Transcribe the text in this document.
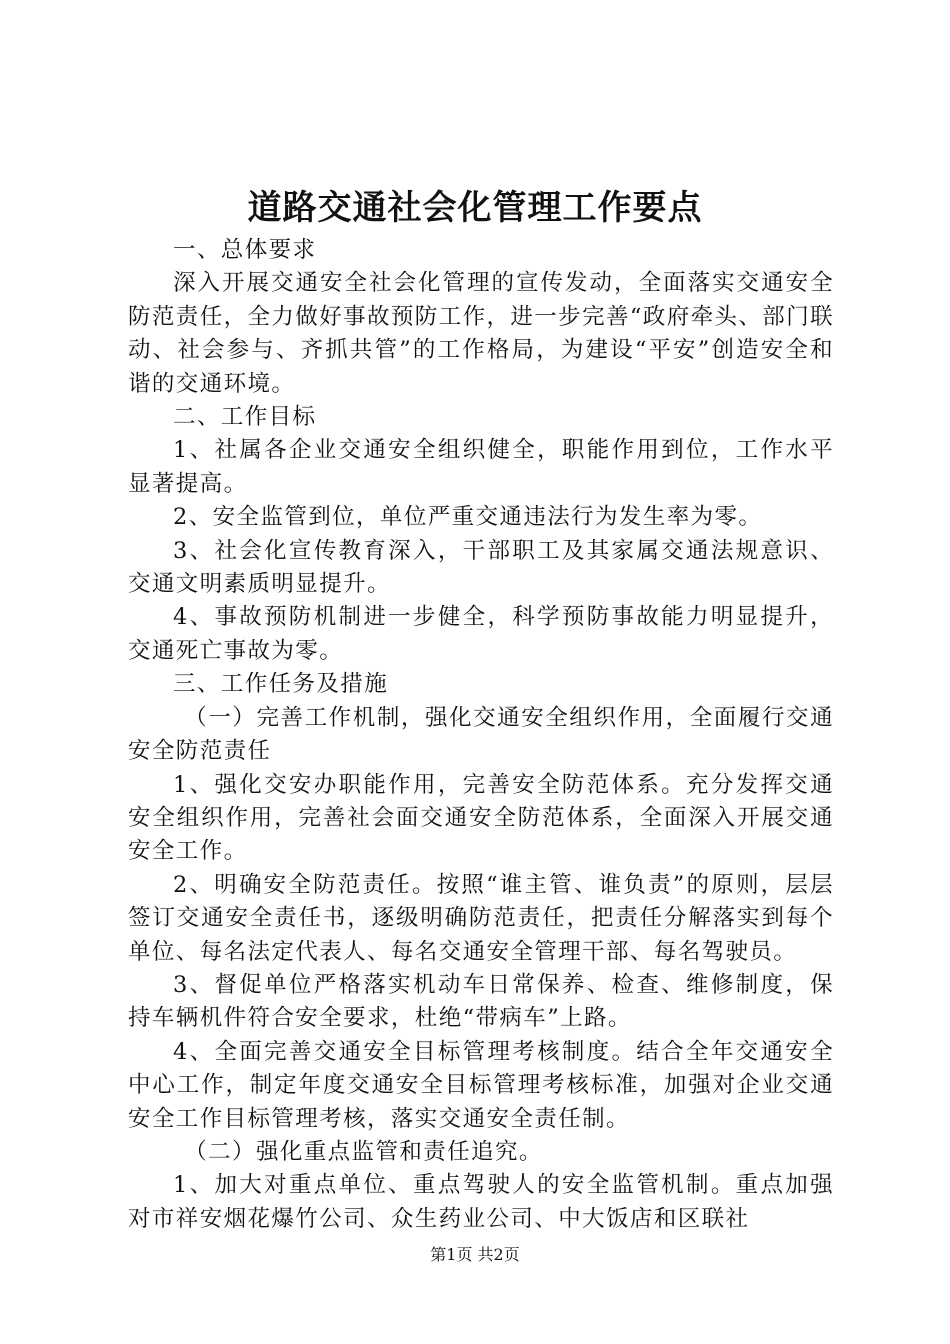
道路交通社会化管理工作要点

一、总体要求

深入开展交通安全社会化管理的宣传发动，全面落实交通安全防范责任，全力做好事故预防工作，进一步完善“政府牵头、部门联动、社会参与、齐抓共管”的工作格局，为建设“平安”创造安全和谐的交通环境。

二、工作目标

1、社属各企业交通安全组织健全，职能作用到位，工作水平显著提高。

2、安全监管到位，单位严重交通违法行为发生率为零。

3、社会化宣传教育深入，干部职工及其家属交通法规意识、交通文明素质明显提升。

4、事故预防机制进一步健全，科学预防事故能力明显提升，交通死亡事故为零。

三、工作任务及措施

（一）完善工作机制，强化交通安全组织作用，全面履行交通安全防范责任

1、强化交安办职能作用，完善安全防范体系。充分发挥交通安全组织作用，完善社会面交通安全防范体系，全面深入开展交通安全工作。

2、明确安全防范责任。按照“谁主管、谁负责”的原则，层层签订交通安全责任书，逐级明确防范责任，把责任分解落实到每个单位、每名法定代表人、每名交通安全管理干部、每名驾驶员。

3、督促单位严格落实机动车日常保养、检查、维修制度，保持车辆机件符合安全要求，杜绝“带病车”上路。

4、全面完善交通安全目标管理考核制度。结合全年交通安全中心工作，制定年度交通安全目标管理考核标准，加强对企业交通安全工作目标管理考核，落实交通安全责任制。

（二）强化重点监管和责任追究。

1、加大对重点单位、重点驾驶人的安全监管机制。重点加强对市祥安烟花爆竹公司、众生药业公司、中大饭店和区联社

第1页 共2页
